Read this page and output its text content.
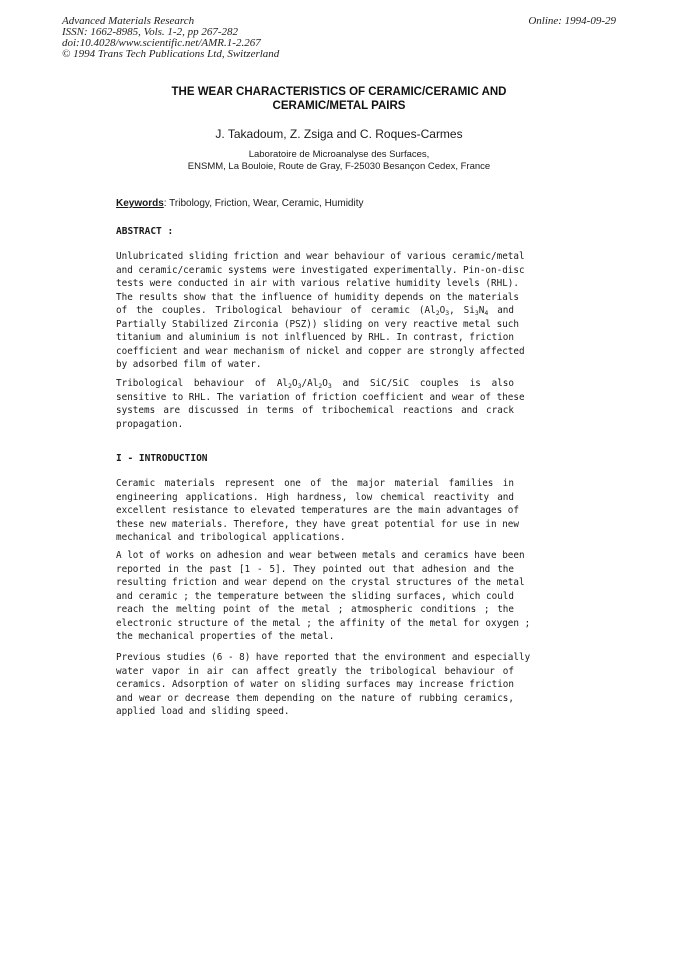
Advanced Materials Research
ISSN: 1662-8985, Vols. 1-2, pp 267-282
doi:10.4028/www.scientific.net/AMR.1-2.267
© 1994 Trans Tech Publications Ltd, Switzerland
Online: 1994-09-29
THE WEAR CHARACTERISTICS OF CERAMIC/CERAMIC AND
CERAMIC/METAL PAIRS
J. Takadoum, Z. Zsiga and C. Roques-Carmes
Laboratoire de Microanalyse des Surfaces,
ENSMM, La Bouloie, Route de Gray, F-25030 Besançon Cedex, France
Keywords: Tribology, Friction, Wear, Ceramic, Humidity
ABSTRACT :
Unlubricated sliding friction and wear behaviour of various ceramic/metal
and ceramic/ceramic systems were investigated experimentally. Pin-on-disc
tests were conducted in air with various relative humidity levels (RHL).
The results show that the influence of humidity depends on the materials
of the couples. Tribological behaviour of ceramic ($Al_2O_3$, $Si_3N_4$ and
Partially Stabilized Zirconia (PSZ)) sliding on very reactive metal such
titanium and aluminium is not inlfluenced by RHL. In contrast, friction
coefficient and wear mechanism of nickel and copper are strongly affected
by adsorbed film of water.
Tribological behaviour of $Al_2O_3/Al_2O_3$ and SiC/SiC couples is also
sensitive to RHL. The variation of friction coefficient and wear of these
systems are discussed in terms of tribochemical reactions and crack
propagation.
I - INTRODUCTION
Ceramic materials represent one of the major material families in
engineering applications. High hardness, low chemical reactivity and
excellent resistance to elevated temperatures are the main advantages of
these new materials. Therefore, they have great potential for use in new
mechanical and tribological applications.
A lot of works on adhesion and wear between metals and ceramics have been
reported in the past [1 - 5]. They pointed out that adhesion and the
resulting friction and wear depend on the crystal structures of the metal
and ceramic ; the temperature between the sliding surfaces, which could
reach the melting point of the metal ; atmospheric conditions ; the
electronic structure of the metal ; the affinity of the metal for oxygen ;
the mechanical properties of the metal.
Previous studies (6 - 8) have reported that the environment and especially
water vapor in air can affect greatly the tribological behaviour of
ceramics. Adsorption of water on sliding surfaces may increase friction
and wear or decrease them depending on the nature of rubbing ceramics,
applied load and sliding speed.
